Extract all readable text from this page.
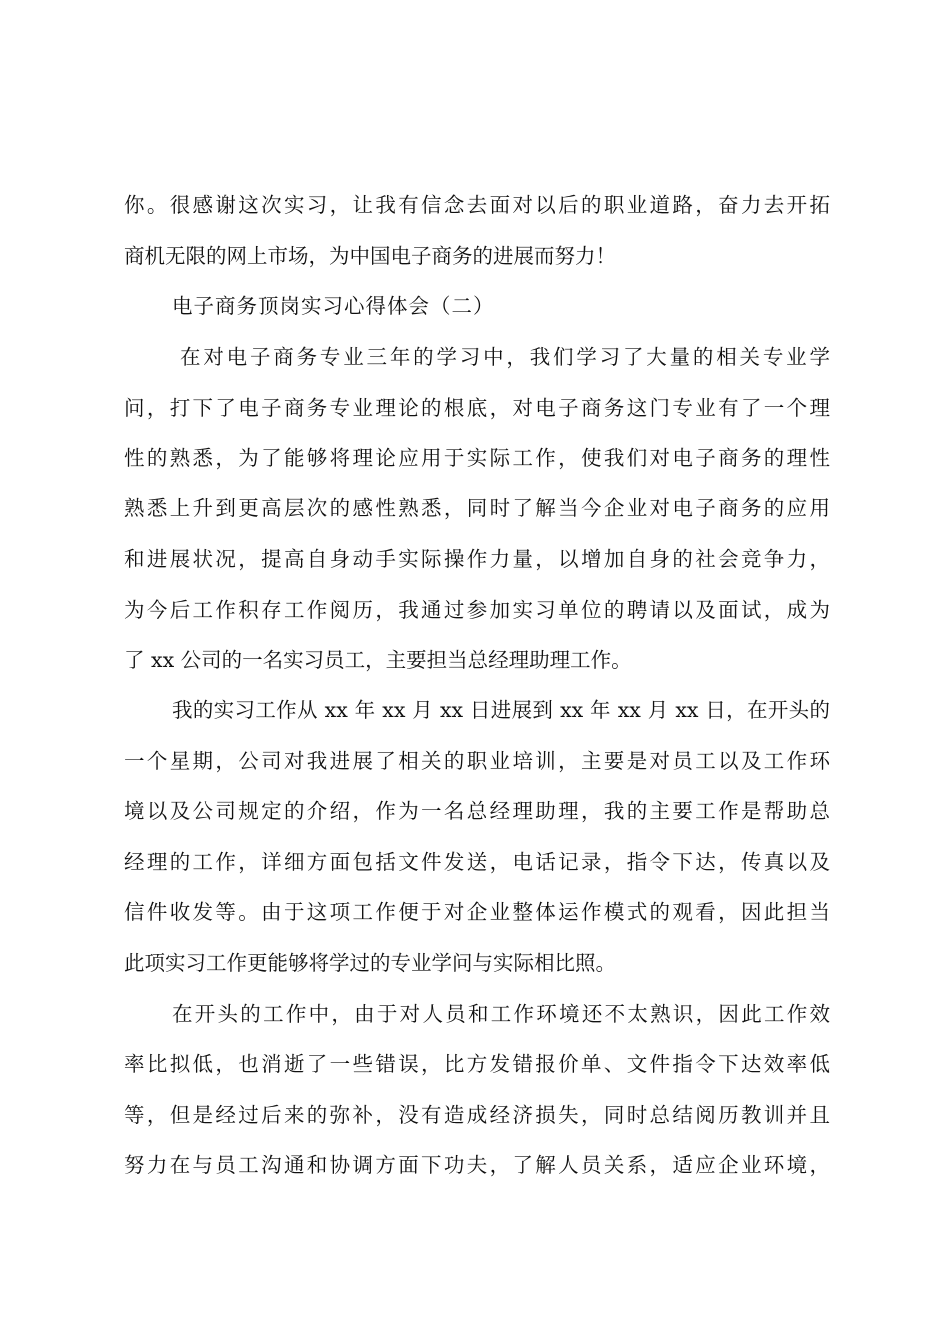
你。很感谢这次实习，让我有信念去面对以后的职业道路，奋力去开拓
商机无限的网上市场，为中国电子商务的进展而努力！
电子商务顶岗实习心得体会（二）
在对电子商务专业三年的学习中，我们学习了大量的相关专业学
问，打下了电子商务专业理论的根底，对电子商务这门专业有了一个理
性的熟悉，为了能够将理论应用于实际工作，使我们对电子商务的理性
熟悉上升到更高层次的感性熟悉，同时了解当今企业对电子商务的应用
和进展状况，提高自身动手实际操作力量，以增加自身的社会竞争力，
为今后工作积存工作阅历，我通过参加实习单位的聘请以及面试，成为
了 xx 公司的一名实习员工，主要担当总经理助理工作。
我的实习工作从 xx 年 xx 月 xx 日进展到 xx 年 xx 月 xx 日，在开头的
一个星期，公司对我进展了相关的职业培训，主要是对员工以及工作环
境以及公司规定的介绍，作为一名总经理助理，我的主要工作是帮助总
经理的工作，详细方面包括文件发送，电话记录，指令下达，传真以及
信件收发等。由于这项工作便于对企业整体运作模式的观看，因此担当
此项实习工作更能够将学过的专业学问与实际相比照。
在开头的工作中，由于对人员和工作环境还不太熟识，因此工作效
率比拟低，也消逝了一些错误，比方发错报价单、文件指令下达效率低
等，但是经过后来的弥补，没有造成经济损失，同时总结阅历教训并且
努力在与员工沟通和协调方面下功夫，了解人员关系，适应企业环境，
